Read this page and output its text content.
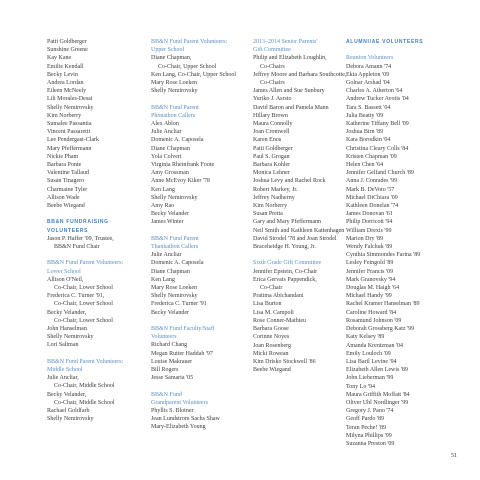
Patti Goldberger
Sunshine Greene
Kay Kane
Emilie Kendall
Becky Levin
Andrea Lordan
Eileen McNeely
Lili Morales-Desai
Shelly Nemirovsky
Kim Norberry
Sumalee Passantia
Vincent Passaretti
Lee Pendergast-Clark
Mary Pfeffermann
Nickie Pham
Barbara Ponte
Valentine Tallaud
Susan Tinagero
Charmaine Tyler
Allison Wade
Beebe Wiegand
BB&N FUNDRAISING
VOLUNTEERS
Jason P. Haffer '09, Trustee,
BB&N Fund Chair
BB&N Fund Parent Volunteers:
Lower School
Allison O'Neil,
Co-Chair, Lower School
Frederica C. Turner '91,
Co-Chair, Lower School
Becky Velander,
Co-Chair, Lower School
John Hanselman
Shelly Nemirovsky
Lori Saltman
BB&N Fund Parent Volunteers:
Middle School
Julie Ancliar,
Co-Chair, Middle School
Becky Velander,
Co-Chair, Middle School
Rachael Goldfarb
Shelly Nemirovsky
BB&N Fund Parent Volunteers:
Upper School
Diane Chapman,
Co-Chair, Upper School
Ken Lang, Co-Chair, Upper School
Mary Rose Loeken
Shelly Nemirovsky
BB&N Fund Parent
Phonathon Callers
Alex Ablon
Julie Ancliar
Domenic A. Caposela
Diane Chapman
Yola Colvert
Virginia Rheinfrank Foote
Amy Grossman
Anne McEvoy Kiker '78
Ken Lang
Shelly Nemirovsky
Amy Rao
Becky Velander
James Winter
BB&N Fund Parent
Thankathon Callers
Julie Ancliar
Domenic A. Caposela
Diane Chapman
Ken Lang
Mary Rose Loeken
Shelly Nemirovsky
Frederica C. Turner '91
Becky Velander
BB&N Fund Faculty/Staff
Volunteers
Richard Chang
Megan Rutter Haddah '97
Louise Makrauer
Bill Rogers
Jesse Samaria '05
BB&N Fund
Grandparent Volunteers
Phyllis S. Blotner
Jean Lundstrom Sachs Shaw
Mary-Elizabeth Young
2013–2014 Senior Parents'
Gift Committee
Philip and Elizabeth Loughlin,
Co-Chairs
Jeffrey Moore and Barbara Southcotte,
Co-Chairs
James Allen and Sue Sunbury
Yuriko J. Asrsto
David Baron and Pamela Mann
Hillary Brown
Maura Connolly
Joan Cromwell
Karen Enos
Patti Goldberger
Paul S. Grogan
Barbara Kohler
Monica Lehner
Joshua Levy and Rachel Rock
Robert Markey, Jr.
Jeffrey Nadherny
Kim Norberry
Susan Pretta
Gary and Mary Pfeffermann
Neil Smith and Kathleen Kattenhagen
David Strodel '78 and Joan Strodel
Braceheidge H. Young, Jr.
Sixth Grade Gift Committee
Jennifer Epstein, Co-Chair
Erica Gervais Pappendick,
Co-Chair
Pratima Abichandani
Lisa Burton
Lisa M. Campoli
Rose Conner-Mathieu
Barbara Goose
Corinne Noyes
Joan Rosenberg
Micki Rowean
Kim Drisko Stockwell '86
Beebe Wiegand
ALUMNI/AE VOLUNTEERS
Reunion Volunteers
Debora Amann '74
Ekta Appleton '09
Golnar Arshad '04
Charles A. Atherton '64
Andrew Tucker Avotis '04
Tara S. Bassett '04
Julia Beatty '09
Katherine Tiffany Bell '09
Joshua Birn '89
Kara Borodkin '04
Christina Cleary Colls '84
Kristen Chapman '09
Helen Chen '64
Jennifer Gelfand Church '89
Anna J. Conrades '99
Mark B. DeVoto '57
Michael DiChiara '09
Kathleen Donelan '74
James Donovan '61
Philip Dorricott '94
William Drexis '99
Marion Dry '89
Wendy Falchuk '89
Cynthia Simmondes Farina '89
Lesley Feingold '89
Jennifer Francis '09
Mark Granovsky '94
Douglas M. Haigh '64
Michael Handy '99
Rachel Kramer Hanselman '89
Caroline Howard '84
Rosamund Johnson '09
Deborah Grossberg Katz '99
Katy Kelsey '89
Amanda Krentzman '04
Emily Louloch '09
Lisa Baril Levine '94
Elizabeth Allen Lewis '89
John Lieberman '99
Tony Lo '94
Maura Griffith Moffatt '84
Oliver Uhl Nordlinger '99
Gregory J. Pano '74
Geoff Pardo '89
Teran Peche! '89
Milyna Phillips '99
Suzanna Preston '09
51
